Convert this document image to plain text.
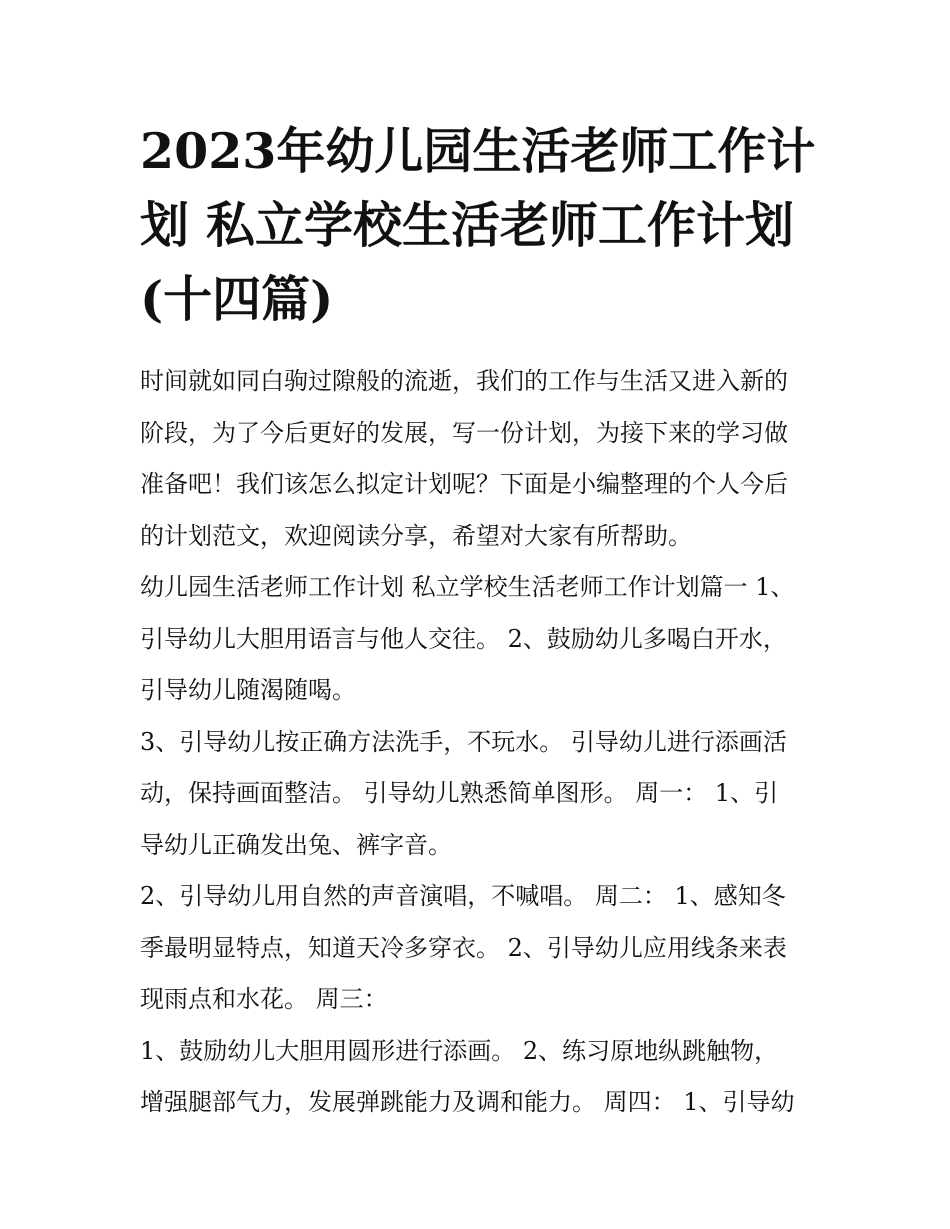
2023年幼儿园生活老师工作计
划 私立学校生活老师工作计划
(十四篇)
时间就如同白驹过隙般的流逝，我们的工作与生活又进入新的
阶段，为了今后更好的发展，写一份计划，为接下来的学习做
准备吧！我们该怎么拟定计划呢？下面是小编整理的个人今后
的计划范文，欢迎阅读分享，希望对大家有所帮助。
幼儿园生活老师工作计划 私立学校生活老师工作计划篇一 1、
引导幼儿大胆用语言与他人交往。 2、鼓励幼儿多喝白开水，
引导幼儿随渴随喝。
3、引导幼儿按正确方法洗手，不玩水。 引导幼儿进行添画活
动，保持画面整洁。 引导幼儿熟悉简单图形。 周一： 1、引
导幼儿正确发出兔、裤字音。
2、引导幼儿用自然的声音演唱，不喊唱。 周二： 1、感知冬
季最明显特点，知道天冷多穿衣。 2、引导幼儿应用线条来表
现雨点和水花。 周三：
1、鼓励幼儿大胆用圆形进行添画。 2、练习原地纵跳触物，
增强腿部气力，发展弹跳能力及调和能力。 周四： 1、引导幼
